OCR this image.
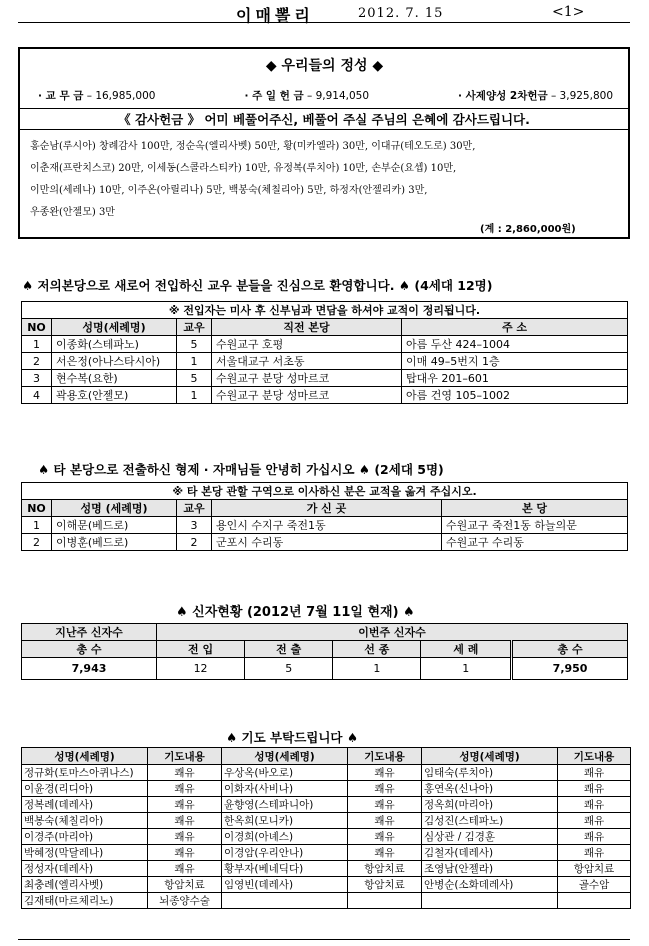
이매뽈리	2012. 7. 15	<1>
◆ 우리들의 정성 ◆
· 교 무 금 – 16,985,000	· 주 일 헌 금 – 9,914,050	· 사제양성 2차헌금 – 3,925,800
《 감사헌금 》 어미 베풀어주신, 베풀어 주실 주님의 은혜에 감사드립니다.
홍순남(루시아) 창례감사 100만, 정순옥(엘리사벳) 50만, 황(미카엘라) 30만, 이대규(테오도로) 30만,
이춘재(프란치스코) 20만, 이세동(스콜라스티카) 10만, 유정복(루치아) 10만, 손부순(요셉) 10만,
이만의(세레나) 10만, 이주온(아릴리나) 5만, 백봉숙(체칠리아) 5만, 하정자(안젤리카) 3만,
우종완(안젤모) 3만
(계 : 2,860,000원)
♠ 저의본당으로 새로어 전입하신 교우 분들을 진심으로 환영합니다. ♠ (4세대 12명)
※ 전입자는 미사 후 신부님과 면담을 하셔야 교적이 정리됩니다.				
NO	성명(세례명)	교우	직전 본당	주 소
1	이종화(스테파노)	5	수원교구 호평	아름 두산 424–1004
2	서은정(아나스타시아)	1	서울대교구 서초동	이매 49–5번지 1층
3	현수복(요한)	5	수원교구 분당 성마르코	탑대우 201–601
4	곽용호(안젤모)	1	수원교구 분당 성마르코	아름 건영 105–1002
♠ 타 본당으로 전출하신 형제 · 자매님들 안녕히 가십시오 ♠ (2세대 5명)
※ 타 본당 관할 구역으로 이사하신 분은 교적을 옮겨 주십시오.				
NO	성명 (세례명)	교우	가 신 곳	본 당
1	이해문(베드로)	3	용인시 수지구 죽전1동	수원교구 죽전1동 하늘의문
2	이병훈(베드로)	2	군포시 수리동	수원교구 수리동
♠ 신자현황 (2012년 7월 11일 현재) ♠
지난주 신자수	이번주 신자수				
총 수	전 입	전 출	선 종	세 례	총 수
7,943	12	5	1	1	7,950
♠ 기도 부탁드립니다 ♠
성명(세례명)	기도내용	성명(세례명)	기도내용	성명(세례명)	기도내용
정규화(토마스아퀴나스)	쾌유	우상옥(바오로)	쾌유	임태숙(루치아)	쾌유
이윤경(리디아)	쾌유	이화자(사비나)	쾌유	홍연옥(신나아)	쾌유
정복례(데레사)	쾌유	윤향영(스테파니아)	쾌유	정옥희(마리아)	쾌유
백봉숙(체칠리아)	쾌유	한옥희(모니카)	쾌유	김성진(스테파노)	쾌유
이경주(마리아)	쾌유	이경희(아녜스)	쾌유	심상관 / 김경훈	쾌유
박혜정(막달레나)	쾌유	이경암(우리안나)	쾌유	김철자(데레사)	쾌유
정성자(데레사)	쾌유	황부자(베네딕다)	항암치료	조영남(안젤라)	항암치료
최충례(엘리사벳)	항암치료	임영빈(데레사)	항암치료	안병순(소화데레사)	골수암
김재태(마르체리노)	뇌종양수술				
